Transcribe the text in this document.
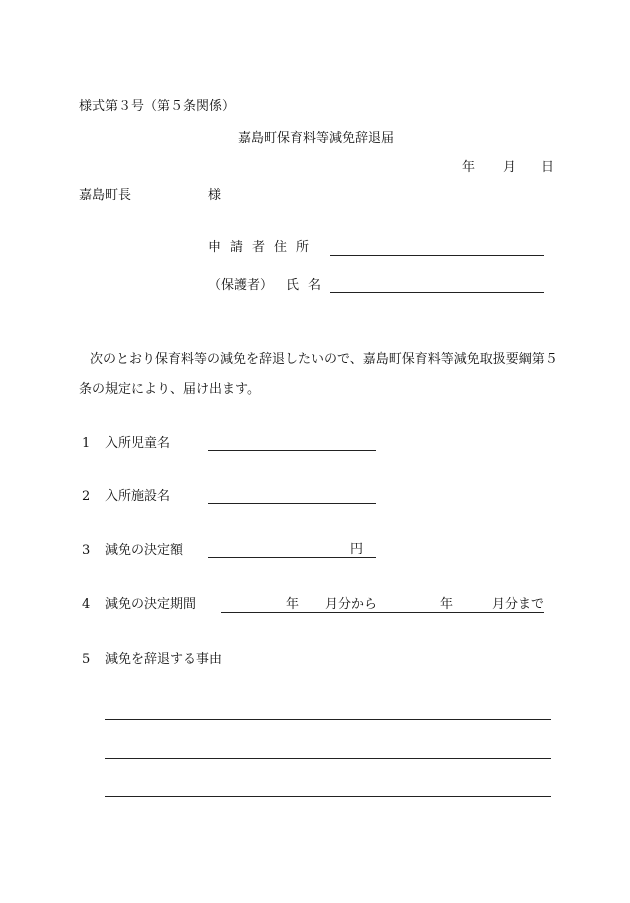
様式第３号（第５条関係）
嘉島町保育料等減免辞退届
年 月 日
嘉島町長	様
申請者住所
（保護者） 氏名
次のとおり保育料等の減免を辞退したいので、嘉島町保育料等減免取扱要綱第５
条の規定により、届け出ます。
1 入所児童名
2 入所施設名
3 減免の決定額	円
4 減免の決定期間	年 月分から	年	月分まで
5 減免を辞退する事由
